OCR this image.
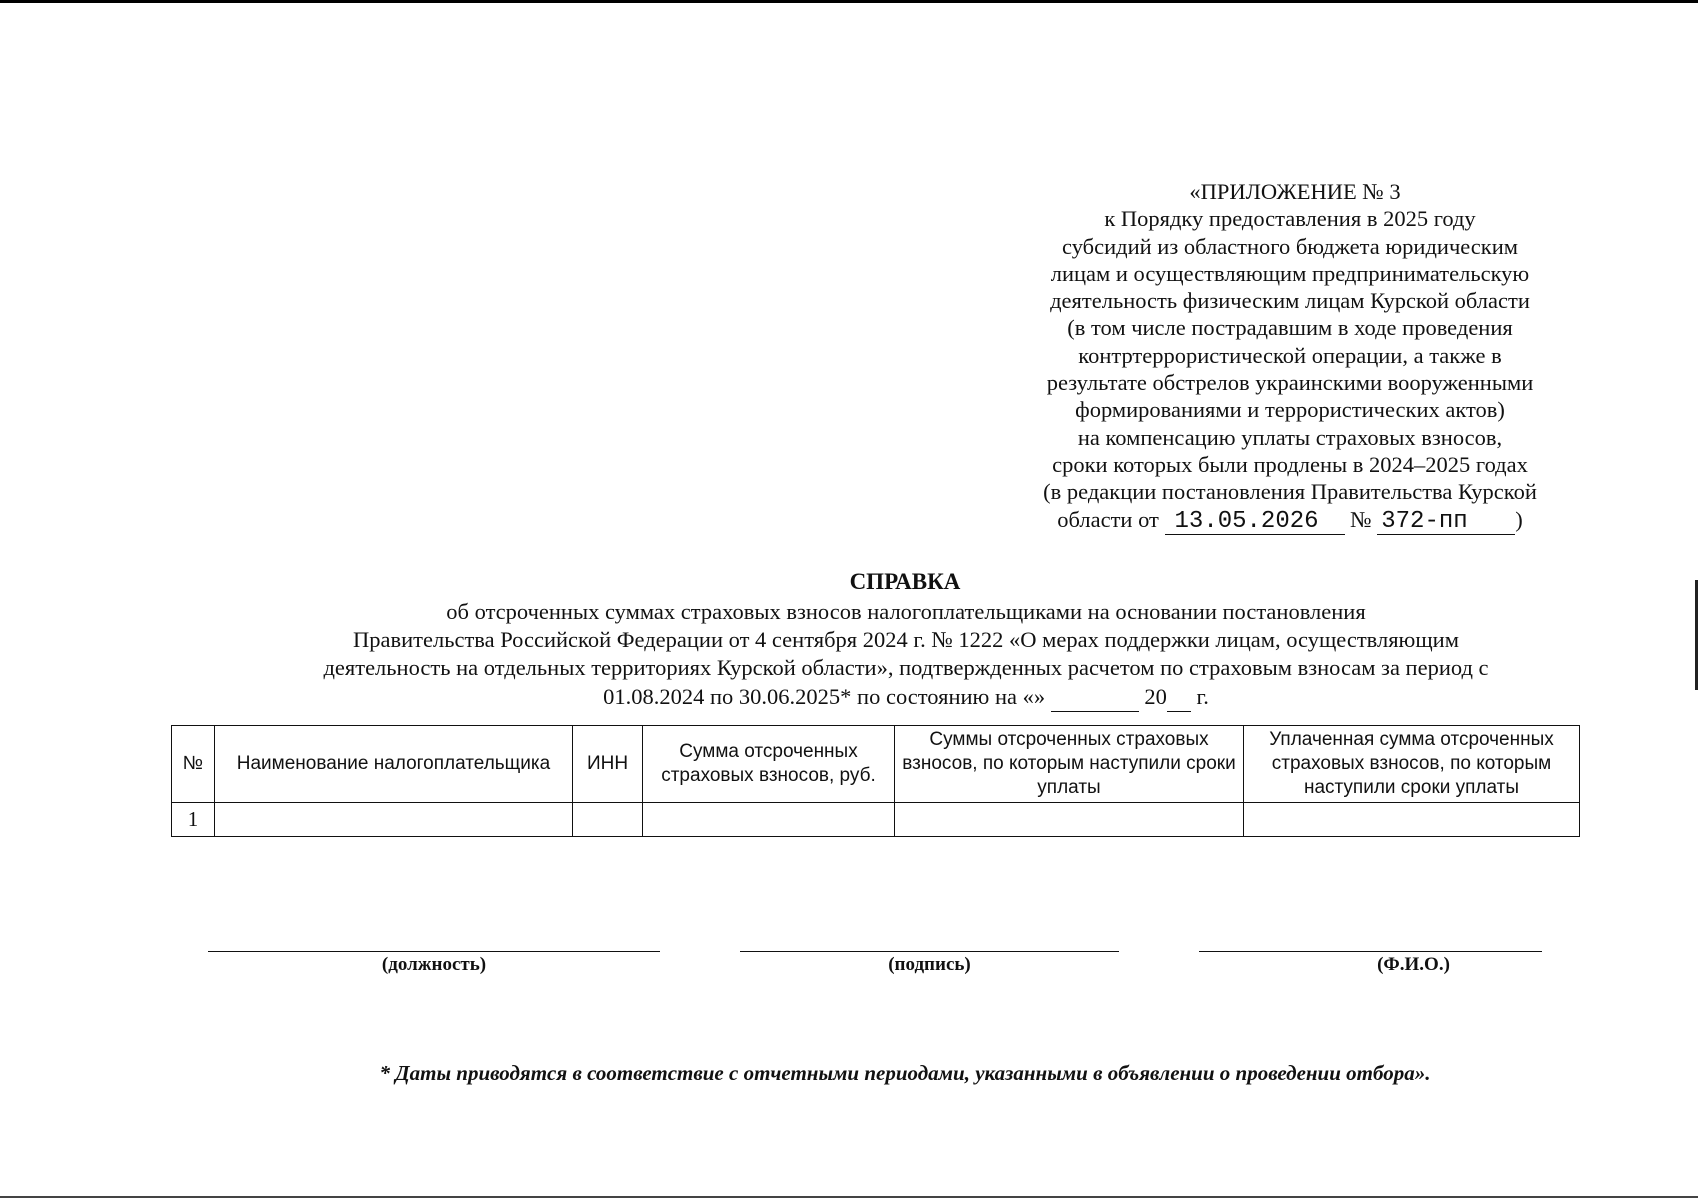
«ПРИЛОЖЕНИЕ № 3
к Порядку предоставления в 2025 году
субсидий из областного бюджета юридическим
лицам и осуществляющим предпринимательскую
деятельность физическим лицам Курской области
(в том числе пострадавшим в ходе проведения
контртеррористической операции, а также в
результате обстрелов украинскими вооруженными
формированиями и террористических актов)
на компенсацию уплаты страховых взносов,
сроки которых были продлены в 2024–2025 годах
(в редакции постановления Правительства Курской
области от 13.05.2026 № 372-пп )
СПРАВКА
об отсроченных суммах страховых взносов налогоплательщиками на основании постановления
Правительства Российской Федерации от 4 сентября 2024 г. № 1222 «О мерах поддержки лицам, осуществляющим
деятельность на отдельных территориях Курской области», подтвержденных расчетом по страховым взносам за период с
01.08.2024 по 30.06.2025* по состоянию на «»	20 г.
№	Наименование налогоплательщика	ИНН	Сумма отсроченных страховых взносов, руб.	Суммы отсроченных страховых взносов, по которым наступили сроки уплаты	Уплаченная сумма отсроченных страховых взносов, по которым наступили сроки уплаты
1					
(должность)	(подпись)	(Ф.И.О.)
* Даты приводятся в соответствие с отчетными периодами, указанными в объявлении о проведении отбора».
